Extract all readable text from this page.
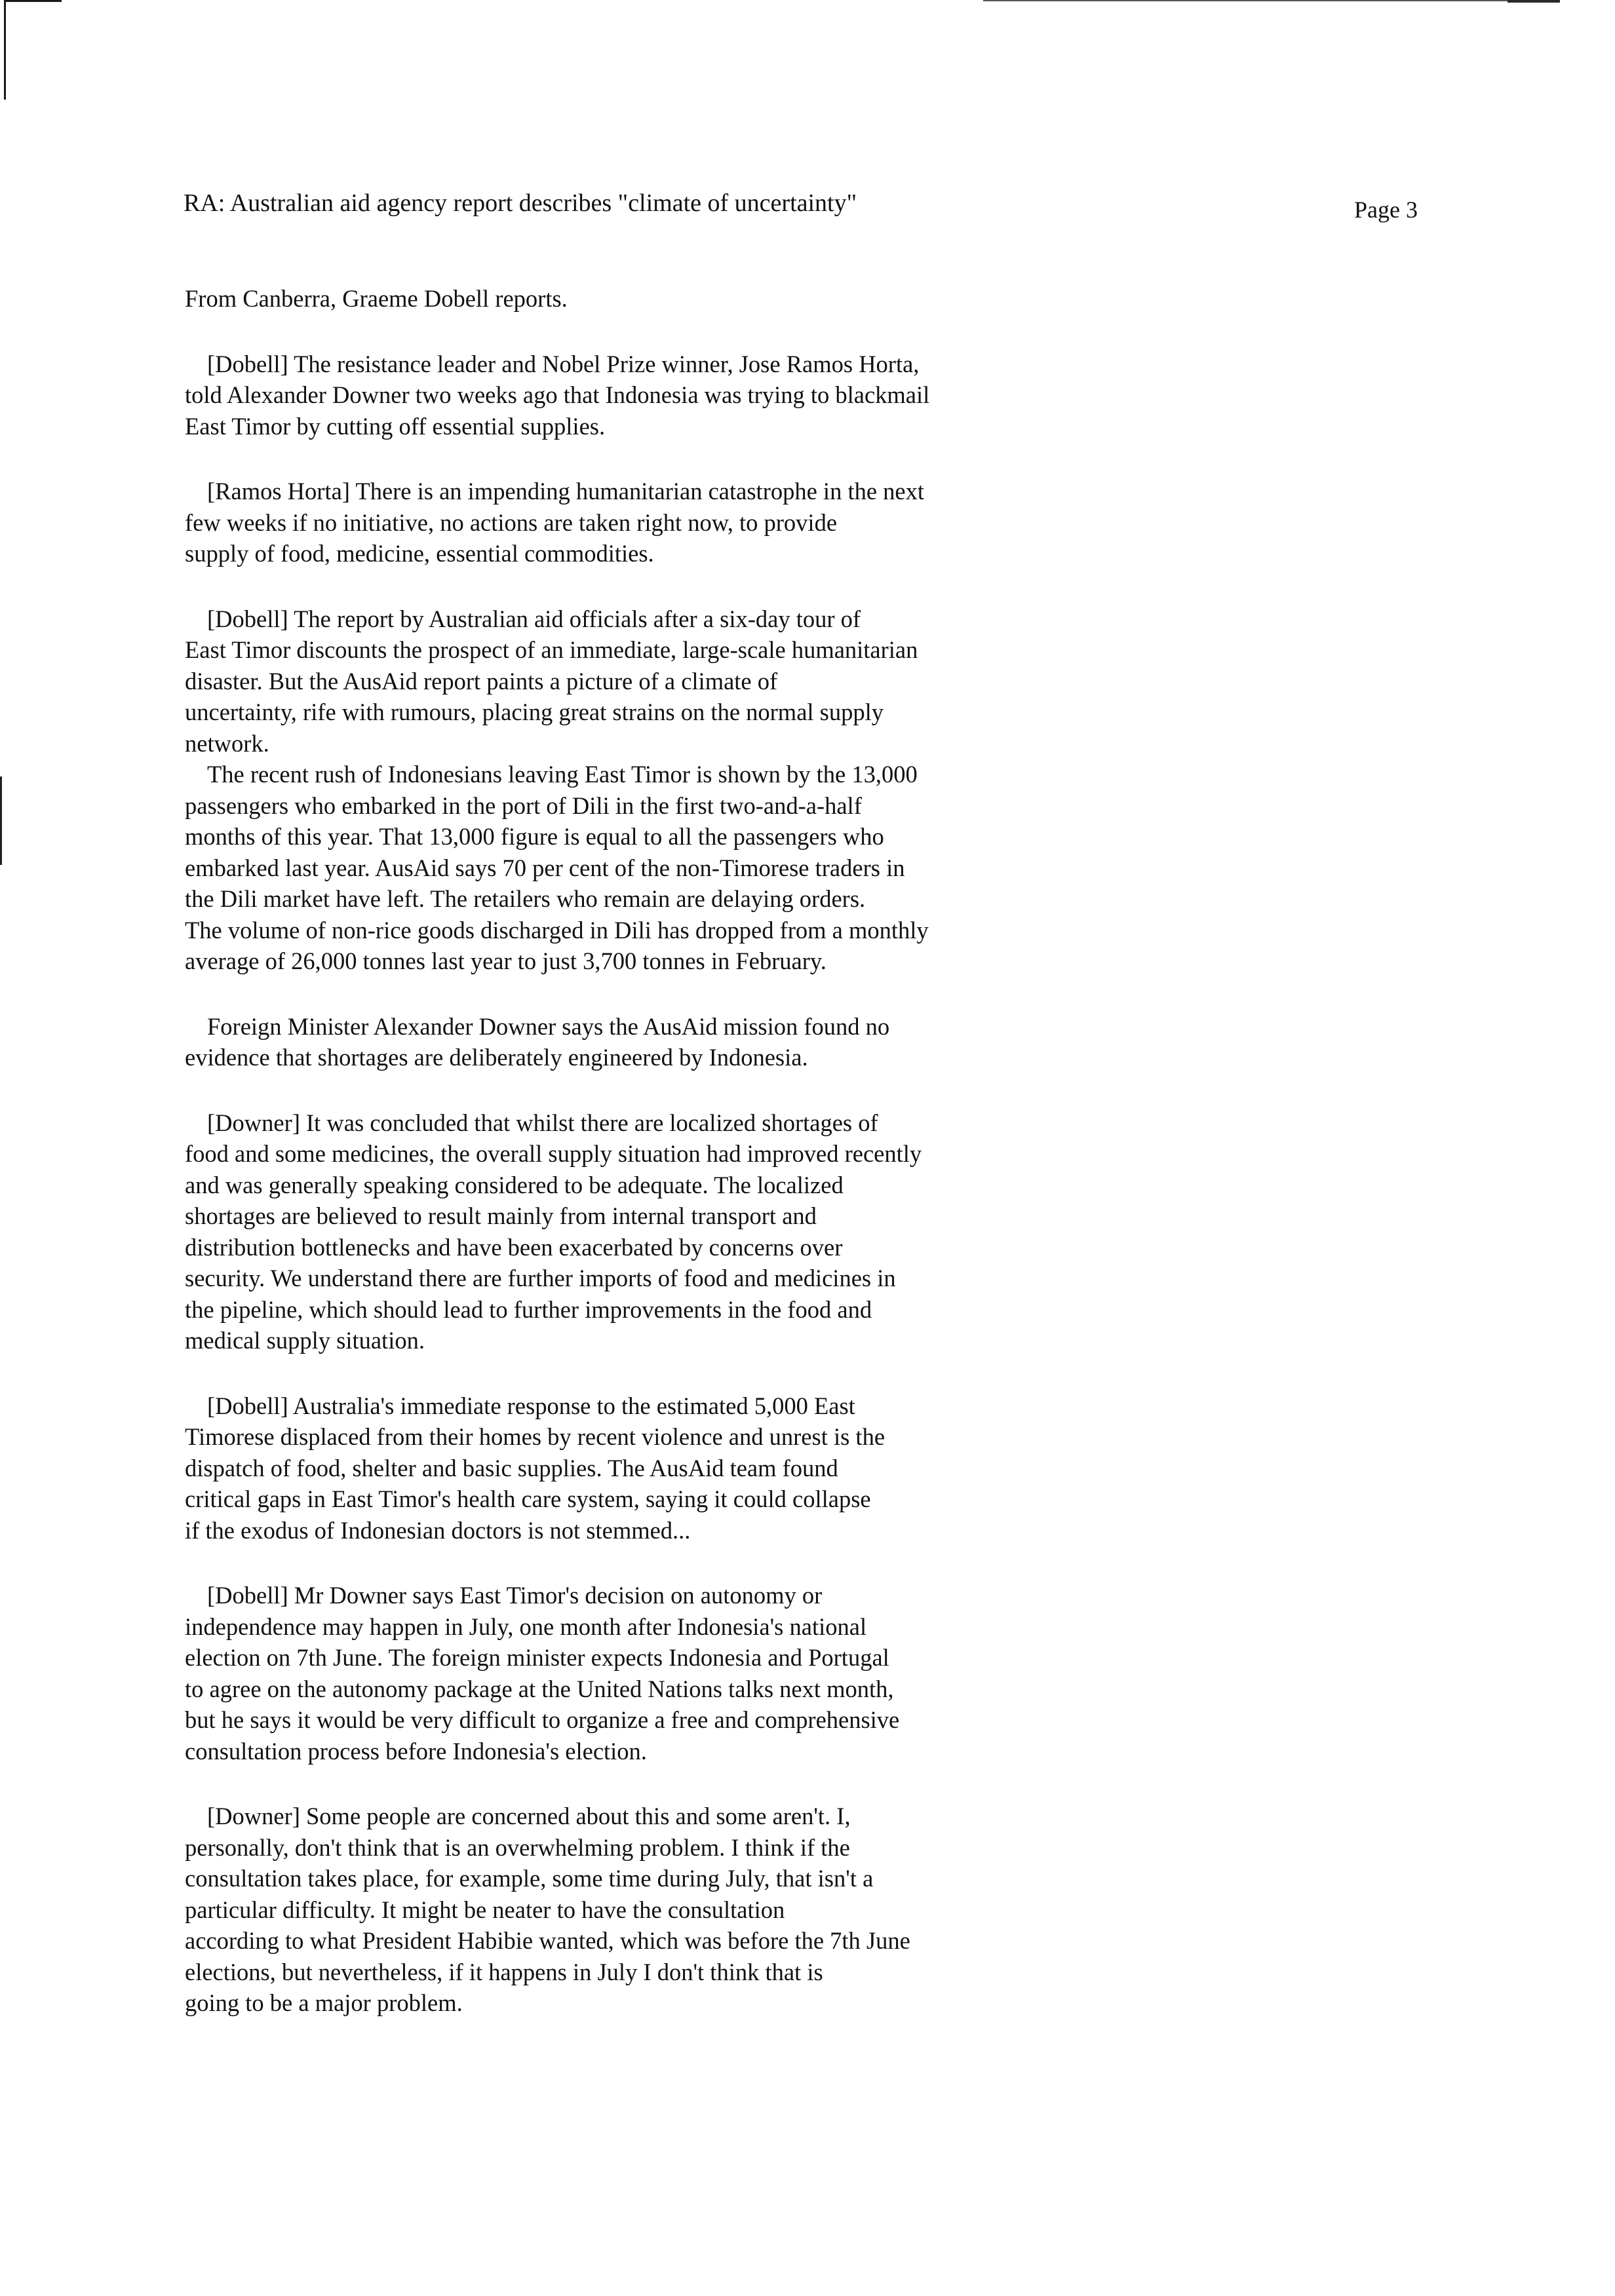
RA: Australian aid agency report describes "climate of uncertainty"	Page 3
From Canberra, Graeme Dobell reports.
[Dobell] The resistance leader and Nobel Prize winner, Jose Ramos Horta,
told Alexander Downer two weeks ago that Indonesia was trying to blackmail
East Timor by cutting off essential supplies.
[Ramos Horta] There is an impending humanitarian catastrophe in the next
few weeks if no initiative, no actions are taken right now, to provide
supply of food, medicine, essential commodities.
[Dobell] The report by Australian aid officials after a six-day tour of
East Timor discounts the prospect of an immediate, large-scale humanitarian
disaster. But the AusAid report paints a picture of a climate of
uncertainty, rife with rumours, placing great strains on the normal supply
network.
The recent rush of Indonesians leaving East Timor is shown by the 13,000
passengers who embarked in the port of Dili in the first two-and-a-half
months of this year. That 13,000 figure is equal to all the passengers who
embarked last year. AusAid says 70 per cent of the non-Timorese traders in
the Dili market have left. The retailers who remain are delaying orders.
The volume of non-rice goods discharged in Dili has dropped from a monthly
average of 26,000 tonnes last year to just 3,700 tonnes in February.
Foreign Minister Alexander Downer says the AusAid mission found no
evidence that shortages are deliberately engineered by Indonesia.
[Downer] It was concluded that whilst there are localized shortages of
food and some medicines, the overall supply situation had improved recently
and was generally speaking considered to be adequate. The localized
shortages are believed to result mainly from internal transport and
distribution bottlenecks and have been exacerbated by concerns over
security. We understand there are further imports of food and medicines in
the pipeline, which should lead to further improvements in the food and
medical supply situation.
[Dobell] Australia's immediate response to the estimated 5,000 East
Timorese displaced from their homes by recent violence and unrest is the
dispatch of food, shelter and basic supplies. The AusAid team found
critical gaps in East Timor's health care system, saying it could collapse
if the exodus of Indonesian doctors is not stemmed...
[Dobell] Mr Downer says East Timor's decision on autonomy or
independence may happen in July, one month after Indonesia's national
election on 7th June. The foreign minister expects Indonesia and Portugal
to agree on the autonomy package at the United Nations talks next month,
but he says it would be very difficult to organize a free and comprehensive
consultation process before Indonesia's election.
[Downer] Some people are concerned about this and some aren't. I,
personally, don't think that is an overwhelming problem. I think if the
consultation takes place, for example, some time during July, that isn't a
particular difficulty. It might be neater to have the consultation
according to what President Habibie wanted, which was before the 7th June
elections, but nevertheless, if it happens in July I don't think that is
going to be a major problem.
